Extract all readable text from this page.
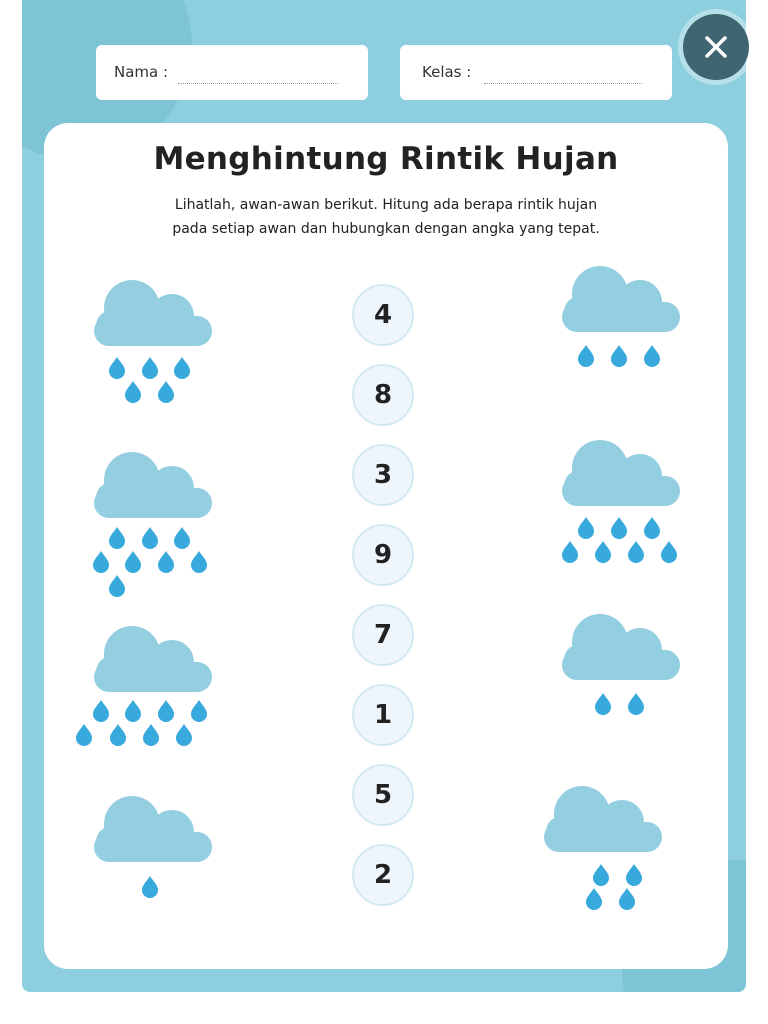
Nama :	Kelas :
Menghintung Rintik Hujan
Lihatlah, awan-awan berikut. Hitung ada berapa rintik hujan
pada setiap awan dan hubungkan dengan angka yang tepat.
4
8
3
9
7
1
5
2
